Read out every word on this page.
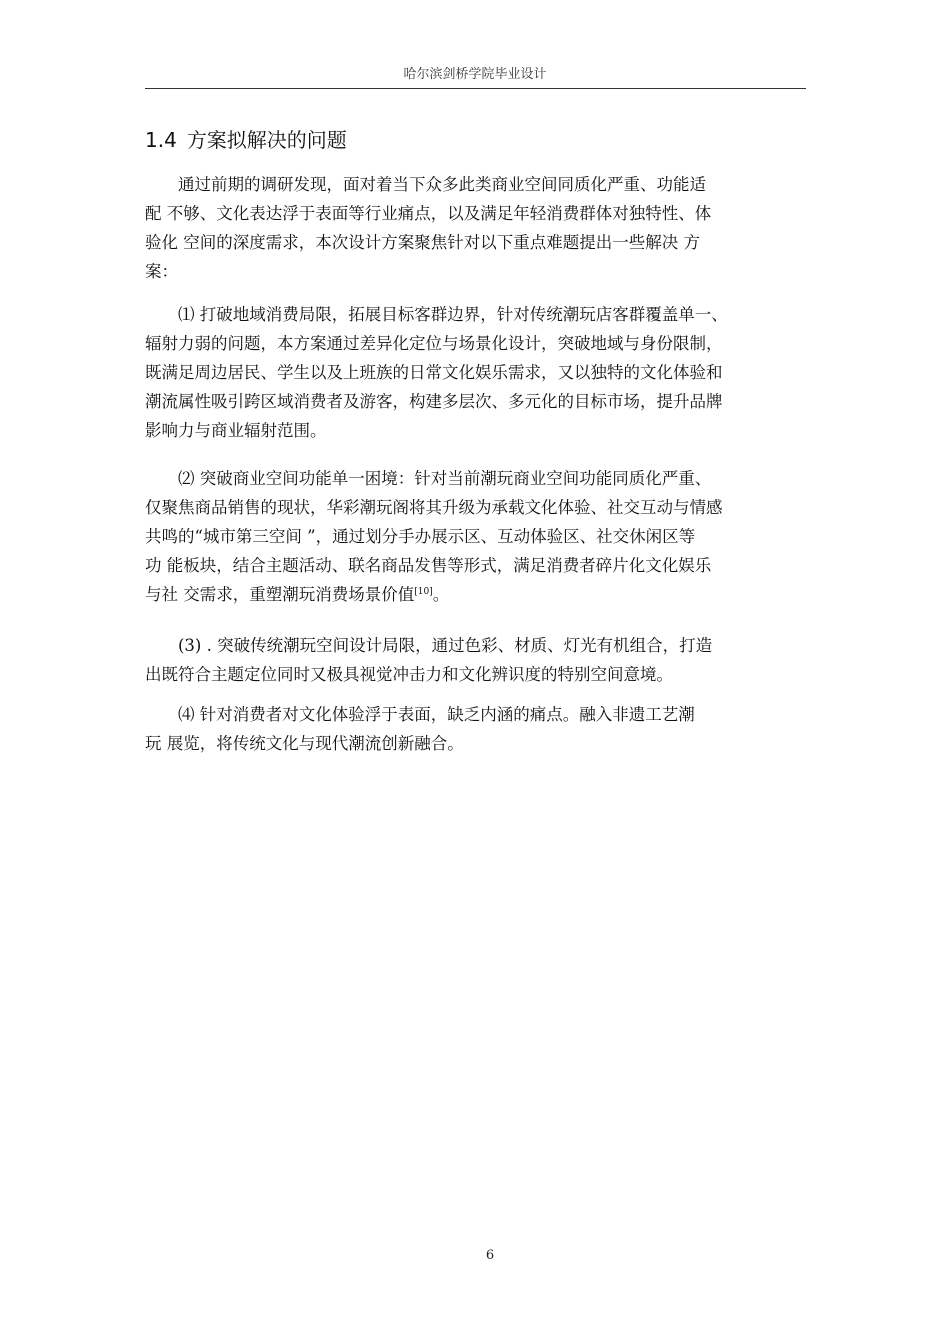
哈尔滨剑桥学院毕业设计
1.4 方案拟解决的问题

　　通过前期的调研发现，面对着当下众多此类商业空间同质化严重、功能适
配 不够、文化表达浮于表面等行业痛点，以及满足年轻消费群体对独特性、体
验化 空间的深度需求，本次设计方案聚焦针对以下重点难题提出一些解决 方
案：

　　⑴ 打破地域消费局限，拓展目标客群边界，针对传统潮玩店客群覆盖单一、
辐射力弱的问题，本方案通过差异化定位与场景化设计，突破地域与身份限制，
既满足周边居民、学生以及上班族的日常文化娱乐需求，又以独特的文化体验和
潮流属性吸引跨区域消费者及游客，构建多层次、多元化的目标市场，提升品牌
影响力与商业辐射范围。

　　⑵ 突破商业空间功能单一困境：针对当前潮玩商业空间功能同质化严重、
仅聚焦商品销售的现状，华彩潮玩阁将其升级为承载文化体验、社交互动与情感
共鸣的“城市第三空间 ”，通过划分手办展示区、互动体验区、社交休闲区等
功 能板块，结合主题活动、联名商品发售等形式，满足消费者碎片化文化娱乐
与社 交需求，重塑潮玩消费场景价值[10]。

　　(3) . 突破传统潮玩空间设计局限，通过色彩、材质、灯光有机组合，打造
出既符合主题定位同时又极具视觉冲击力和文化辨识度的特别空间意境。

　　⑷ 针对消费者对文化体验浮于表面，缺乏内涵的痛点。融入非遗工艺潮
玩 展览，将传统文化与现代潮流创新融合。

6
